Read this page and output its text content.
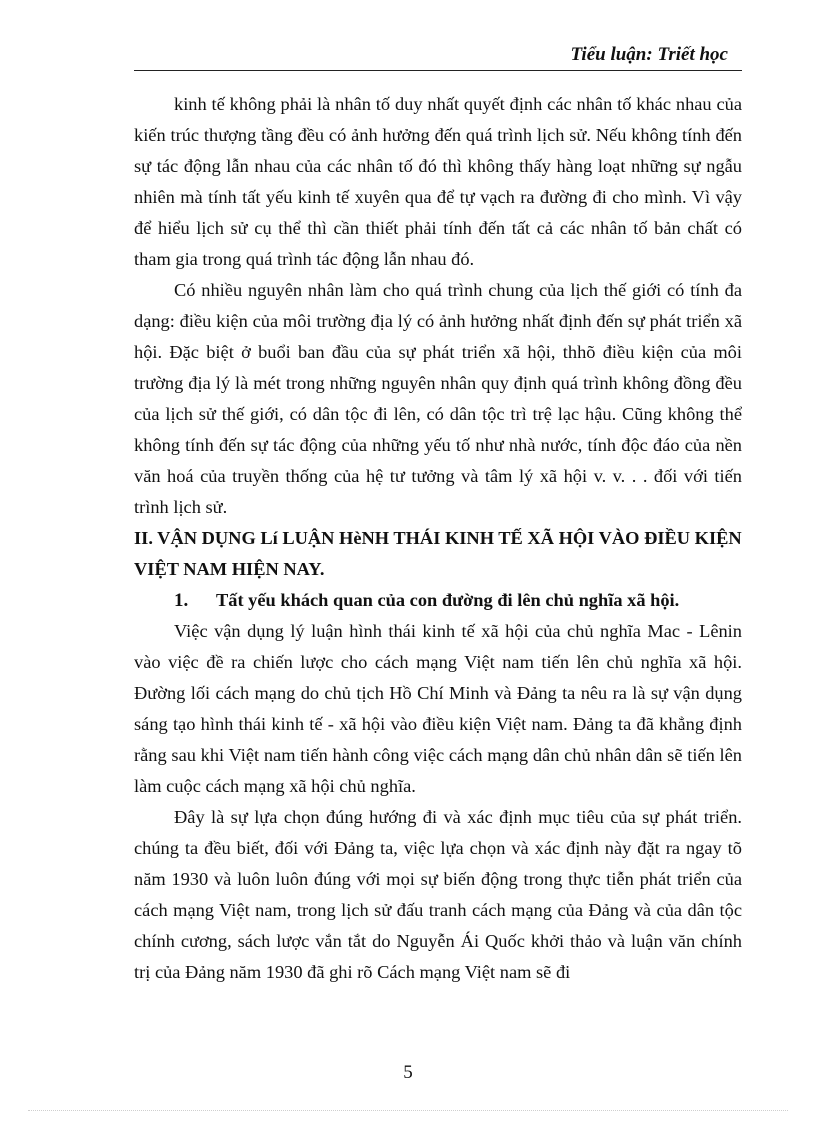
Tiểu luận: Triết học

kinh tế không phải là nhân tố duy nhất quyết định các nhân tố khác nhau của kiến trúc thượng tầng đều có ảnh hưởng đến quá trình lịch sử. Nếu không tính đến sự tác động lẫn nhau của các nhân tố đó thì không thấy hàng loạt những sự ngẫu nhiên mà tính tất yếu kinh tế xuyên qua để tự vạch ra đường đi cho mình. Vì vậy để hiểu lịch sử cụ thể thì cần thiết phải tính đến tất cả các nhân tố bản chất có tham gia trong quá trình tác động lẫn nhau đó.

Có nhiều nguyên nhân làm cho quá trình chung của lịch thế giới có tính đa dạng: điều kiện của môi trường địa lý có ảnh hưởng nhất định đến sự phát triển xã hội. Đặc biệt ở buổi ban đầu của sự phát triển xã hội, thhõ điều kiện của môi trường địa lý là mét trong những nguyên nhân quy định quá trình không đồng đều của lịch sử thế giới, có dân tộc đi lên, có dân tộc trì trệ lạc hậu. Cũng không thể không tính đến sự tác động của những yếu tố như nhà nước, tính độc đáo của nền văn hoá của truyền thống của hệ tư tưởng và tâm lý xã hội v. v. . . đối với tiến trình lịch sử.

II. VẬN DỤNG Lí LUẬN HèNH THÁI KINH TẾ XÃ HỘI VÀO ĐIỀU KIỆN VIỆT NAM HIỆN NAY.

1. Tất yếu khách quan của con đường đi lên chủ nghĩa xã hội.

Việc vận dụng lý luận hình thái kinh tế xã hội của chủ nghĩa Mac - Lênin vào việc đề ra chiến lược cho cách mạng Việt nam tiến lên chủ nghĩa xã hội. Đường lối cách mạng do chủ tịch Hồ Chí Minh và Đảng ta nêu ra là sự vận dụng sáng tạo hình thái kinh tế - xã hội vào điều kiện Việt nam. Đảng ta đã khẳng định rằng sau khi Việt nam tiến hành công việc cách mạng dân chủ nhân dân sẽ tiến lên làm cuộc cách mạng xã hội chủ nghĩa.

Đây là sự lựa chọn đúng hướng đi và xác định mục tiêu của sự phát triển. chúng ta đều biết, đối với Đảng ta, việc lựa chọn và xác định này đặt ra ngay tõ năm 1930 và luôn luôn đúng với mọi sự biến động trong thực tiễn phát triển của cách mạng Việt nam, trong lịch sử đấu tranh cách mạng của Đảng và của dân tộc chính cương, sách lược vắn tắt do Nguyễn Ái Quốc khởi thảo và luận văn chính trị của Đảng năm 1930 đã ghi rõ Cách mạng Việt nam sẽ đi

5
